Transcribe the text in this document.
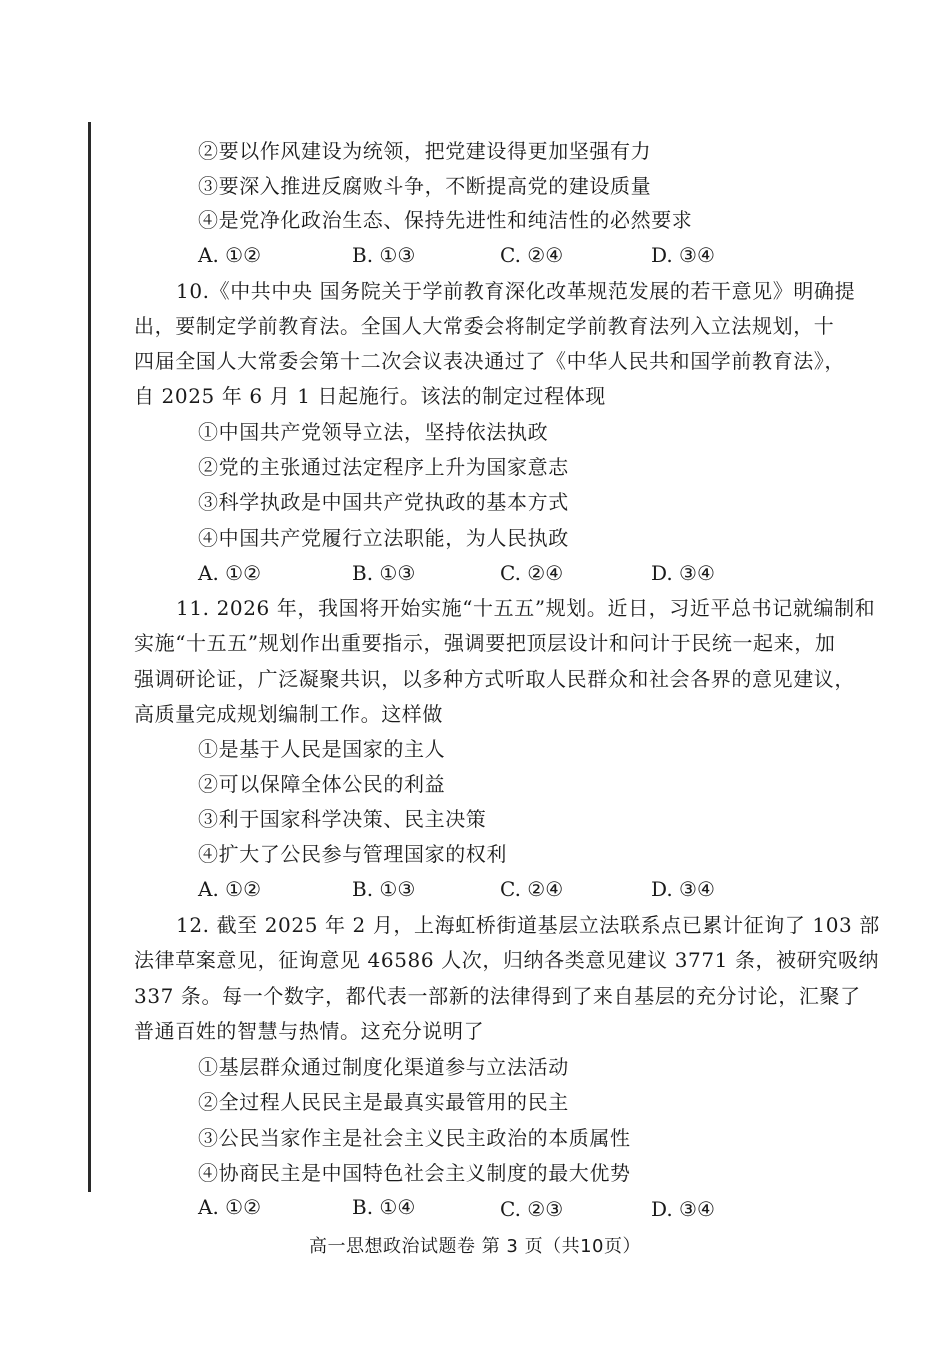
②要以作风建设为统领，把党建设得更加坚强有力
③要深入推进反腐败斗争，不断提高党的建设质量
④是党净化政治生态、保持先进性和纯洁性的必然要求
A. ①②	B. ①③	C. ②④	D. ③④
10.《中共中央 国务院关于学前教育深化改革规范发展的若干意见》明确提
出，要制定学前教育法。全国人大常委会将制定学前教育法列入立法规划，十
四届全国人大常委会第十二次会议表决通过了《中华人民共和国学前教育法》，
自 2025 年 6 月 1 日起施行。该法的制定过程体现
①中国共产党领导立法，坚持依法执政
②党的主张通过法定程序上升为国家意志
③科学执政是中国共产党执政的基本方式
④中国共产党履行立法职能，为人民执政
A. ①②	B. ①③	C. ②④	D. ③④
11. 2026 年，我国将开始实施“十五五”规划。近日，习近平总书记就编制和
实施“十五五”规划作出重要指示，强调要把顶层设计和问计于民统一起来，加
强调研论证，广泛凝聚共识，以多种方式听取人民群众和社会各界的意见建议，
高质量完成规划编制工作。这样做
①是基于人民是国家的主人
②可以保障全体公民的利益
③利于国家科学决策、民主决策
④扩大了公民参与管理国家的权利
A. ①②	B. ①③	C. ②④	D. ③④
12. 截至 2025 年 2 月，上海虹桥街道基层立法联系点已累计征询了 103 部
法律草案意见，征询意见 46586 人次，归纳各类意见建议 3771 条，被研究吸纳
337 条。每一个数字，都代表一部新的法律得到了来自基层的充分讨论，汇聚了
普通百姓的智慧与热情。这充分说明了
①基层群众通过制度化渠道参与立法活动
②全过程人民民主是最真实最管用的民主
③公民当家作主是社会主义民主政治的本质属性
④协商民主是中国特色社会主义制度的最大优势
A. ①②	B. ①④	C. ②③	D. ③④
高一思想政治试题卷 第 3 页（共10页）
